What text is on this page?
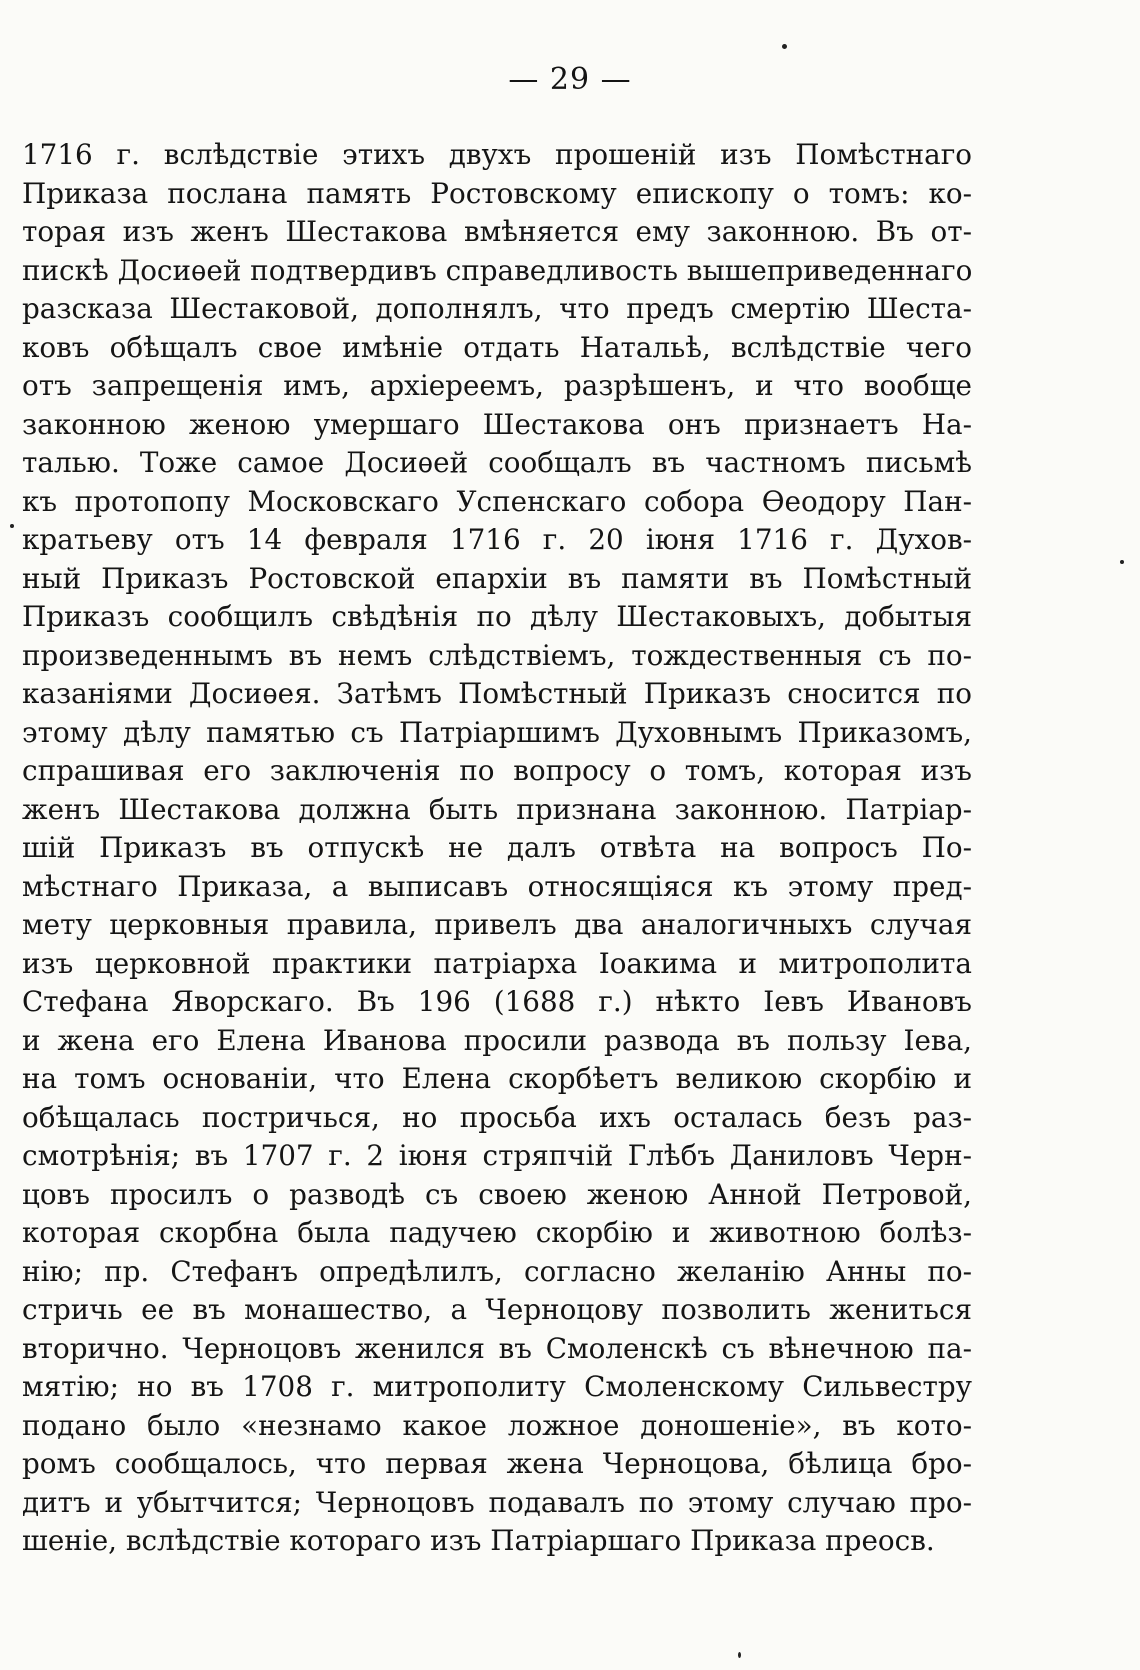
— 29 —
1716 г. вслѣдствіе этихъ двухъ прошеній изъ Помѣстнаго
Приказа послана память Ростовскому епископу о томъ: ко-
торая изъ женъ Шестакова вмѣняется ему законною. Въ от-
пискѣ Досиѳей подтвердивъ справедливость вышеприведеннаго
разсказа Шестаковой, дополнялъ, что предъ смертію Шеста-
ковъ обѣщалъ свое имѣніе отдать Натальѣ, вслѣдствіе чего
отъ запрещенія имъ, архіереемъ, разрѣшенъ, и что вообще
законною женою умершаго Шестакова онъ признаетъ На-
талью. Тоже самое Досиѳей сообщалъ въ частномъ письмѣ
къ протопопу Московскаго Успенскаго собора Ѳеодору Пан-
кратьеву отъ 14 февраля 1716 г. 20 іюня 1716 г. Духов-
ный Приказъ Ростовской епархіи въ памяти въ Помѣстный
Приказъ сообщилъ свѣдѣнія по дѣлу Шестаковыхъ, добытыя
произведеннымъ въ немъ слѣдствіемъ, тождественныя съ по-
казаніями Досиѳея. Затѣмъ Помѣстный Приказъ сносится по
этому дѣлу памятью съ Патріаршимъ Духовнымъ Приказомъ,
спрашивая его заключенія по вопросу о томъ, которая изъ
женъ Шестакова должна быть признана законною. Патріар-
шій Приказъ въ отпускѣ не далъ отвѣта на вопросъ По-
мѣстнаго Приказа, а выписавъ относящіяся къ этому пред-
мету церковныя правила, привелъ два аналогичныхъ случая
изъ церковной практики патріарха Іоакима и митрополита
Стефана Яворскаго. Въ 196 (1688 г.) нѣкто Іевъ Ивановъ
и жена его Елена Иванова просили развода въ пользу Іева,
на томъ основаніи, что Елена скорбѣетъ великою скорбію и
обѣщалась постричься, но просьба ихъ осталась безъ раз-
смотрѣнія; въ 1707 г. 2 іюня стряпчій Глѣбъ Даниловъ Черн-
цовъ просилъ о разводѣ съ своею женою Анной Петровой,
которая скорбна была падучею скорбію и животною болѣз-
нію; пр. Стефанъ опредѣлилъ, согласно желанію Анны по-
стричь ее въ монашество, а Черноцову позволить жениться
вторично. Черноцовъ женился въ Смоленскѣ съ вѣнечною па-
мятію; но въ 1708 г. митрополиту Смоленскому Сильвестру
подано было «незнамо какое ложное доношеніе», въ кото-
ромъ сообщалось, что первая жена Черноцова, бѣлица бро-
дитъ и убытчится; Черноцовъ подавалъ по этому случаю про-
шеніе, вслѣдствіе котораго изъ Патріаршаго Приказа преосв.
